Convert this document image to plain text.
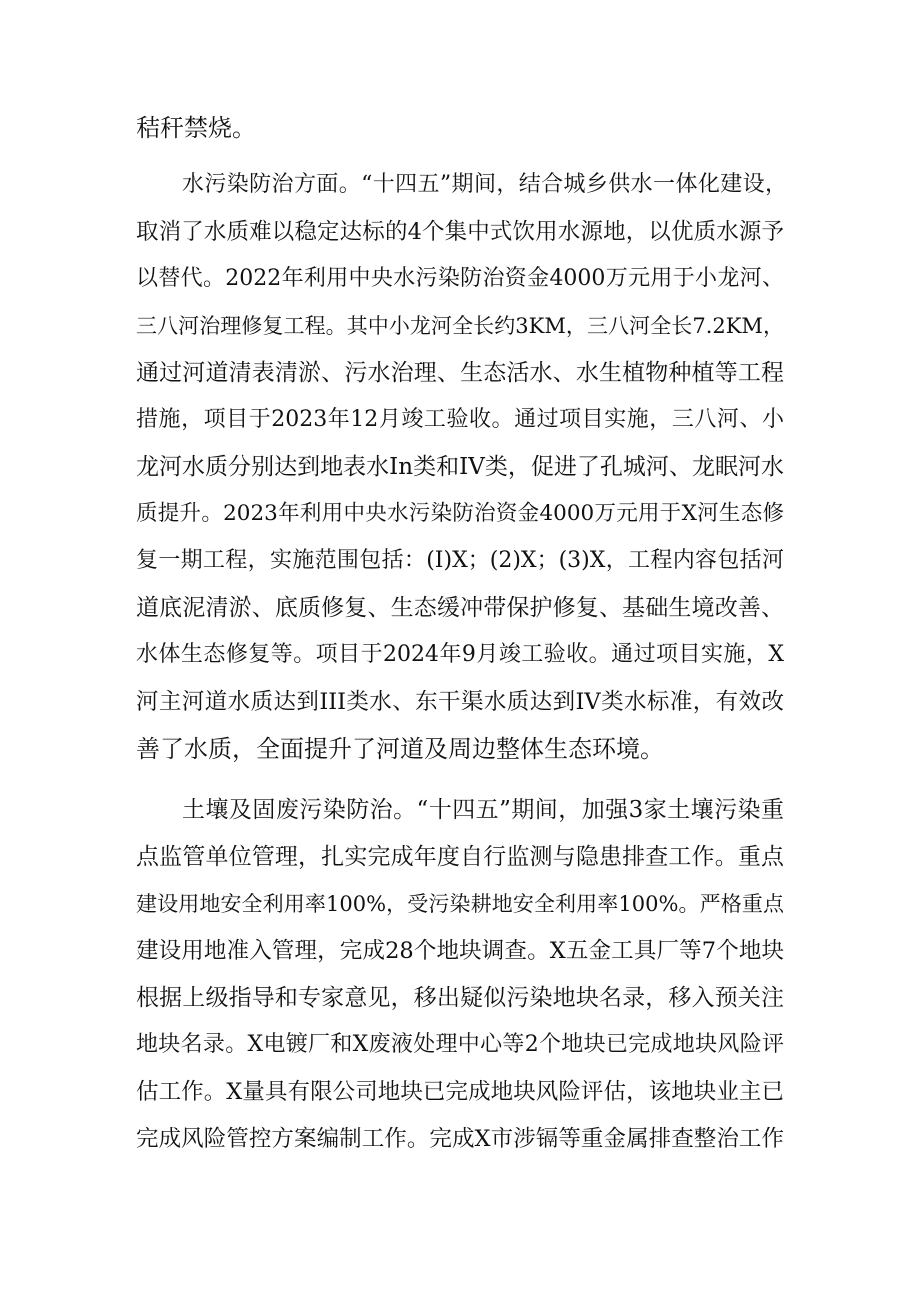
秸秆禁烧。
水污染防治方面。“十四五”期间，结合城乡供水一体化建设，
取消了水质难以稳定达标的4个集中式饮用水源地，以优质水源予
以替代。2022年利用中央水污染防治资金4000万元用于小龙河、
三八河治理修复工程。其中小龙河全长约3KM，三八河全长7.2KM，
通过河道清表清淤、污水治理、生态活水、水生植物种植等工程
措施，项目于2023年12月竣工验收。通过项目实施，三八河、小
龙河水质分别达到地表水In类和IV类，促进了孔城河、龙眠河水
质提升。2023年利用中央水污染防治资金4000万元用于X河生态修
复一期工程，实施范围包括：(I)X；(2)X；(3)X，工程内容包括河
道底泥清淤、底质修复、生态缓冲带保护修复、基础生境改善、
水体生态修复等。项目于2024年9月竣工验收。通过项目实施，X
河主河道水质达到III类水、东干渠水质达到IV类水标准，有效改
善了水质，全面提升了河道及周边整体生态环境。
土壤及固废污染防治。“十四五”期间，加强3家土壤污染重
点监管单位管理，扎实完成年度自行监测与隐患排查工作。重点
建设用地安全利用率100%，受污染耕地安全利用率100%。严格重点
建设用地准入管理，完成28个地块调查。X五金工具厂等7个地块
根据上级指导和专家意见，移出疑似污染地块名录，移入预关注
地块名录。X电镀厂和X废液处理中心等2个地块已完成地块风险评
估工作。X量具有限公司地块已完成地块风险评估，该地块业主已
完成风险管控方案编制工作。完成X市涉镉等重金属排查整治工作
